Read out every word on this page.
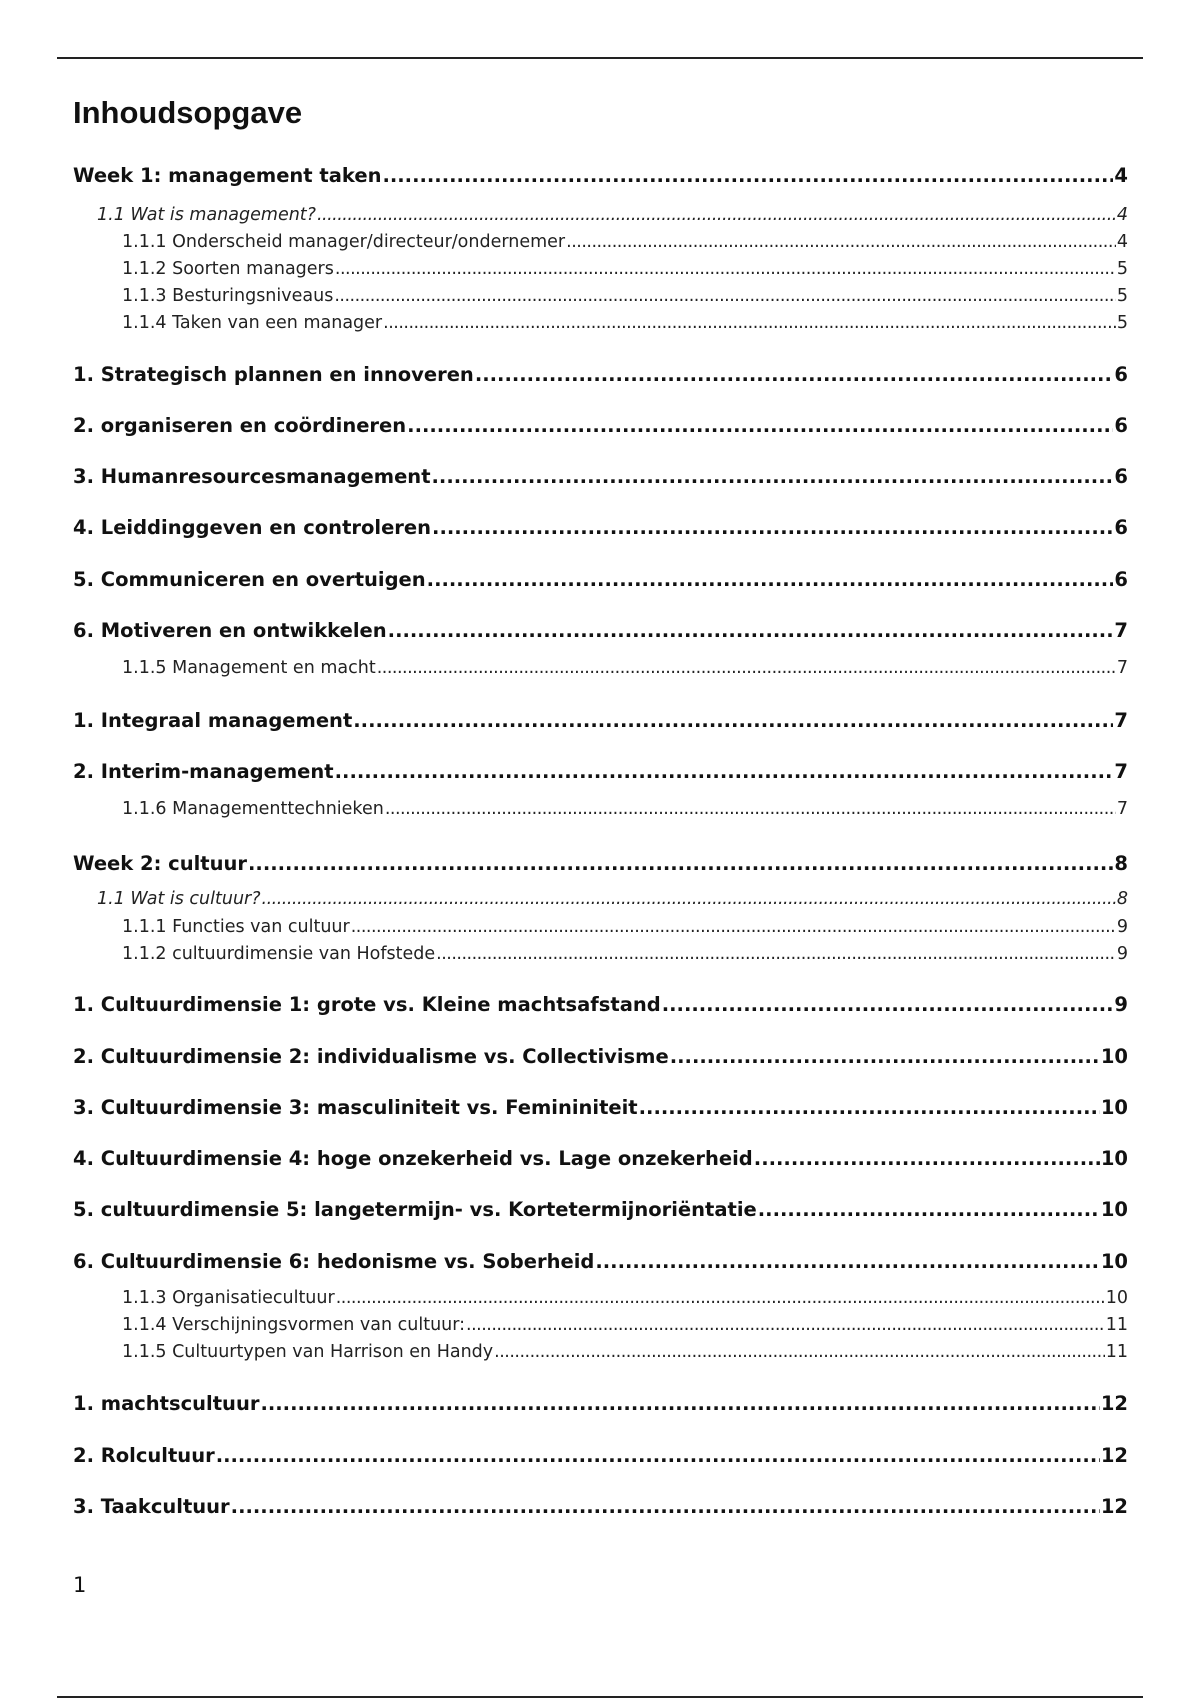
Inhoudsopgave
Week 1: management taken .....	4
1.1 Wat is management? .....	4
1.1.1 Onderscheid manager/directeur/ondernemer .....	4
1.1.2 Soorten managers .....	5
1.1.3 Besturingsniveaus .....	5
1.1.4 Taken van een manager .....	5
1. Strategisch plannen en innoveren .....	6
2. organiseren en coördineren .....	6
3. Humanresourcesmanagement .....	6
4. Leiddinggeven en controleren .....	6
5. Communiceren en overtuigen .....	6
6. Motiveren en ontwikkelen .....	7
1.1.5 Management en macht .....	7
1. Integraal management .....	7
2. Interim-management .....	7
1.1.6 Managementtechnieken .....	7
Week 2: cultuur .....	8
1.1 Wat is cultuur? .....	8
1.1.1 Functies van cultuur .....	9
1.1.2 cultuurdimensie van Hofstede .....	9
1. Cultuurdimensie 1: grote vs. Kleine machtsafstand .....	9
2. Cultuurdimensie 2: individualisme vs. Collectivisme .....	10
3. Cultuurdimensie 3: masculiniteit vs. Femininiteit .....	10
4. Cultuurdimensie 4: hoge onzekerheid vs. Lage onzekerheid .....	10
5. cultuurdimensie 5: langetermijn- vs. Kortetermijnoriëntatie .....	10
6. Cultuurdimensie 6: hedonisme vs. Soberheid .....	10
1.1.3 Organisatiecultuur .....	10
1.1.4 Verschijningsvormen van cultuur: .....	11
1.1.5 Cultuurtypen van Harrison en Handy .....	11
1. machtscultuur .....	12
2. Rolcultuur .....	12
3. Taakcultuur .....	12
1
